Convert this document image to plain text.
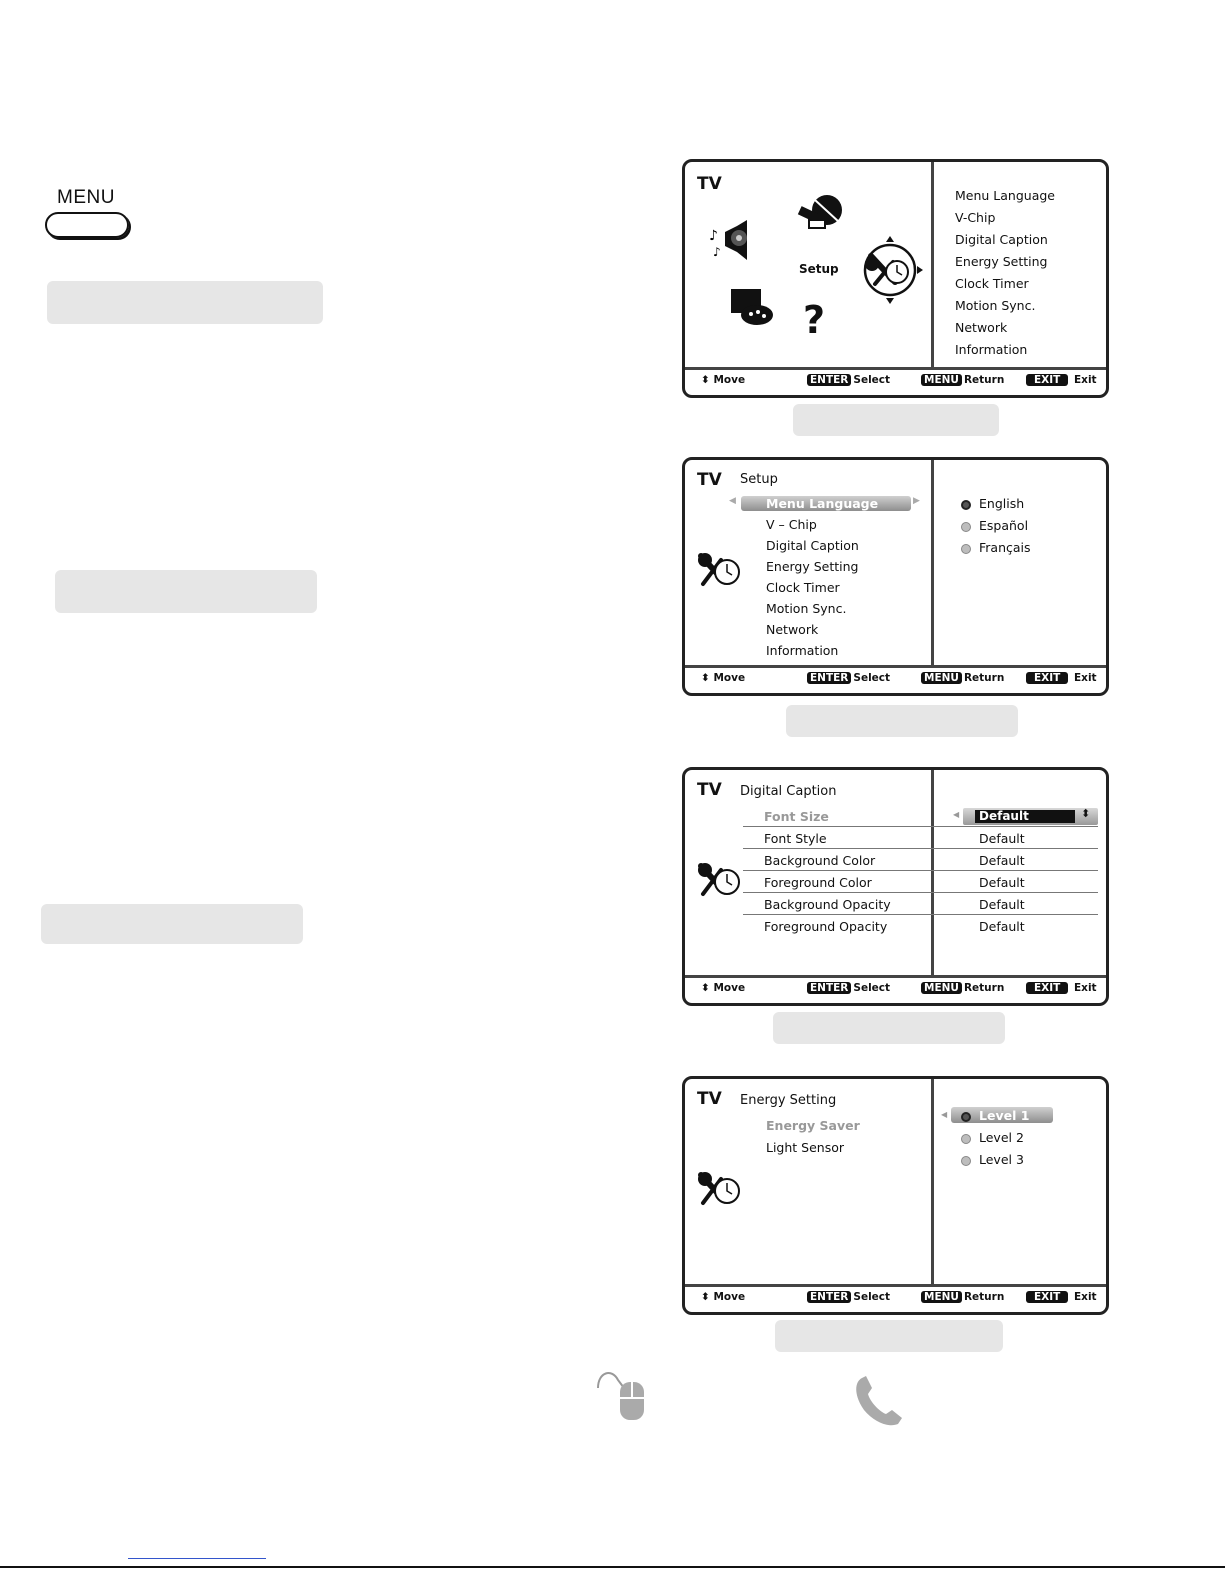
MENU
TV
♪
♪
Setup
?
Menu Language
V-Chip
Digital Caption
Energy Setting
Clock Timer
Motion Sync.
Network
Information
⬍ Move	ENTER Select	MENU Return	EXIT Exit
TV Setup
◀	▶
Menu Language
V – Chip
Digital Caption
Energy Setting
Clock Timer
Motion Sync.
Network
Information
English
Español
Français
⬍ Move	ENTER Select	MENU Return	EXIT Exit
TV Digital Caption
Font Size	◀ Default	⬍
Font Style	Default
Background Color	Default
Foreground Color	Default
Background Opacity	Default
Foreground Opacity	Default
⬍ Move	ENTER Select	MENU Return	EXIT Exit
TV Energy Setting
Energy Saver
Light Sensor
◀	Level 1
Level 2
Level 3
⬍ Move	ENTER Select	MENU Return	EXIT Exit
